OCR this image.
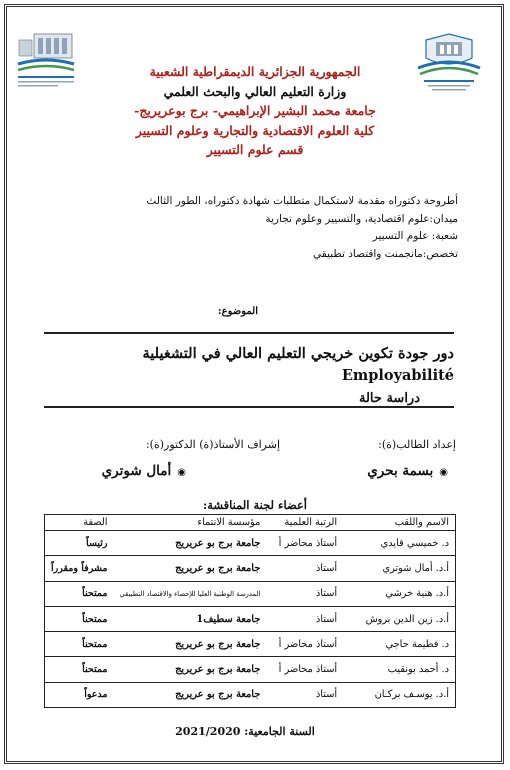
الجمهورية الجزائرية الديمقراطية الشعبية
وزارة التعليم العالي والبحث العلمي
جامعة محمد البشير الإبراهيمي- برج بوعريريج-
كلية العلوم الاقتصادية والتجارية وعلوم التسيير
قسم علوم التسيير
أطروحة دكتوراه مقدمة لاستكمال متطلبات شهادة دكتوراه، الطور الثالث
ميدان:علوم اقتصادية، والتسيير وعلوم تجارية
شعبة: علوم التسيير
تخصص:مانجمنت واقتصاد تطبيقي
الموضوع:
دور جودة تكوين خريجي التعليم العالي في التشغيلية Employabilité
دراسة حالة
إعداد الطالب(ة):
إشراف الأستاذ(ة) الدكتور(ة):
◉بسمة بحري
◉أمال شوتري
أعضاء لجنة المناقشة:
الاسم واللقب	الرتبة العلمية	مؤسسة الانتماء	الصفة
د. خميسي قايدي	أستاذ محاضر أ	جامعة برج بو عريريج	رئيساً
أ.د. أمال شوتري	أستاذ	جامعة برج بو عريريج	مشرفاً ومقرراً
أ.د. هنية خرشي	أستاذ	المدرسة الوطنية العليا للإحصاء والاقتصاد التطبيقي	ممتحناً
أ.د. زين الدين بروش	أستاذ	جامعة سطيف1	ممتحناً
د. فطيمة حاجي	أستاذ محاضر أ	جامعة برج بو عريريج	ممتحناً
د. أحمد بونقيب	أستاذ محاضر أ	جامعة برج بو عريريج	ممتحناً
أ.د. يوسـف بركـان	أستاذ	جامعة برج بو عريريج	مدعواً
السنة الجامعية: 2021/2020
